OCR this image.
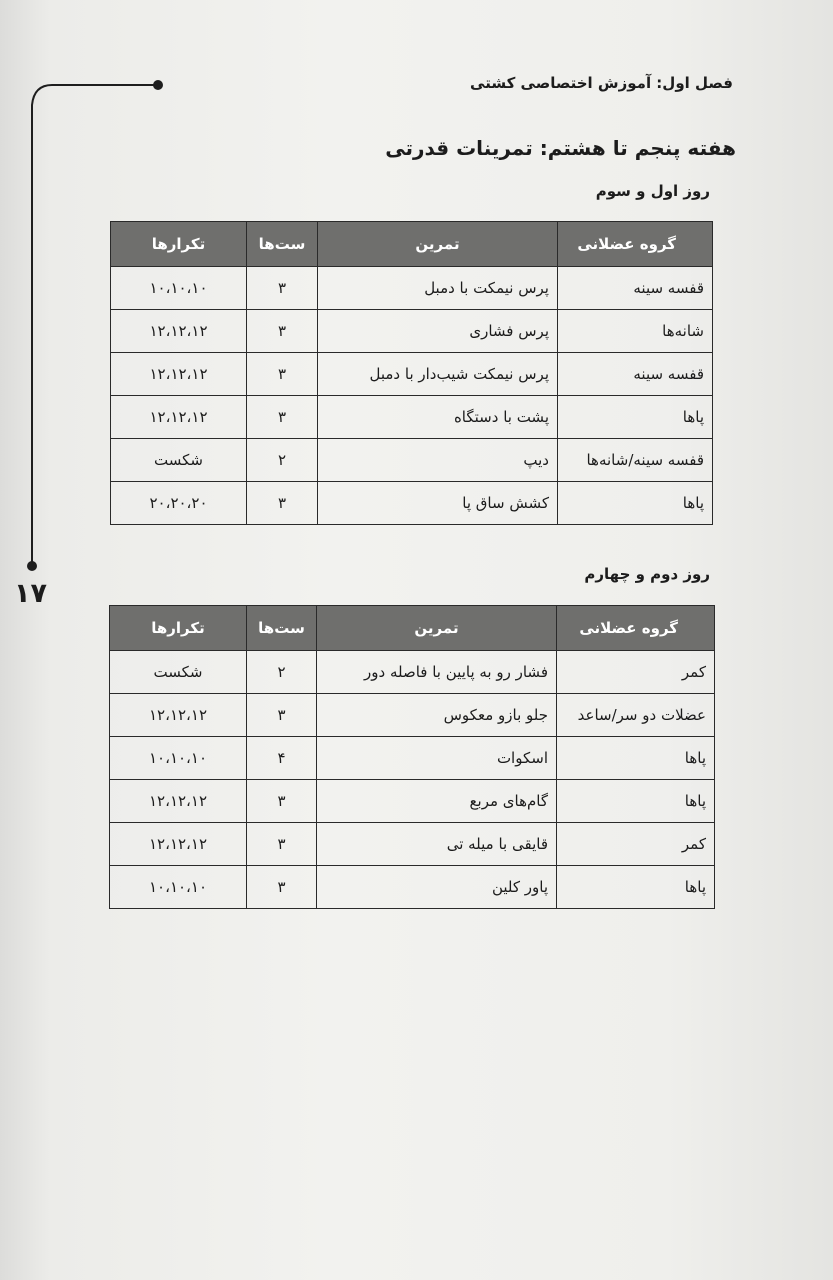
فصل اول: آموزش اختصاصی کشتی
۱۷
هفته پنجم تا هشتم: تمرینات قدرتی
روز اول و سوم
گروه عضلانی	تمرین	ست‌ها	تکرارها
قفسه سینه	پرس نیمکت با دمبل	۳	۱۰،۱۰،۱۰
شانه‌ها	پرس فشاری	۳	۱۲،۱۲،۱۲
قفسه سینه	پرس نیمکت شیب‌دار با دمبل	۳	۱۲،۱۲،۱۲
پاها	پشت با دستگاه	۳	۱۲،۱۲،۱۲
قفسه سینه/شانه‌ها	دیپ	۲	شکست
پاها	کشش ساق پا	۳	۲۰،۲۰،۲۰
روز دوم و چهارم
گروه عضلانی	تمرین	ست‌ها	تکرارها
کمر	فشار رو به پایین با فاصله دور	۲	شکست
عضلات دو سر/ساعد	جلو بازو معکوس	۳	۱۲،۱۲،۱۲
پاها	اسکوات	۴	۱۰،۱۰،۱۰
پاها	گام‌های مربع	۳	۱۲،۱۲،۱۲
کمر	قایقی با میله تی	۳	۱۲،۱۲،۱۲
پاها	پاور کلین	۳	۱۰،۱۰،۱۰
